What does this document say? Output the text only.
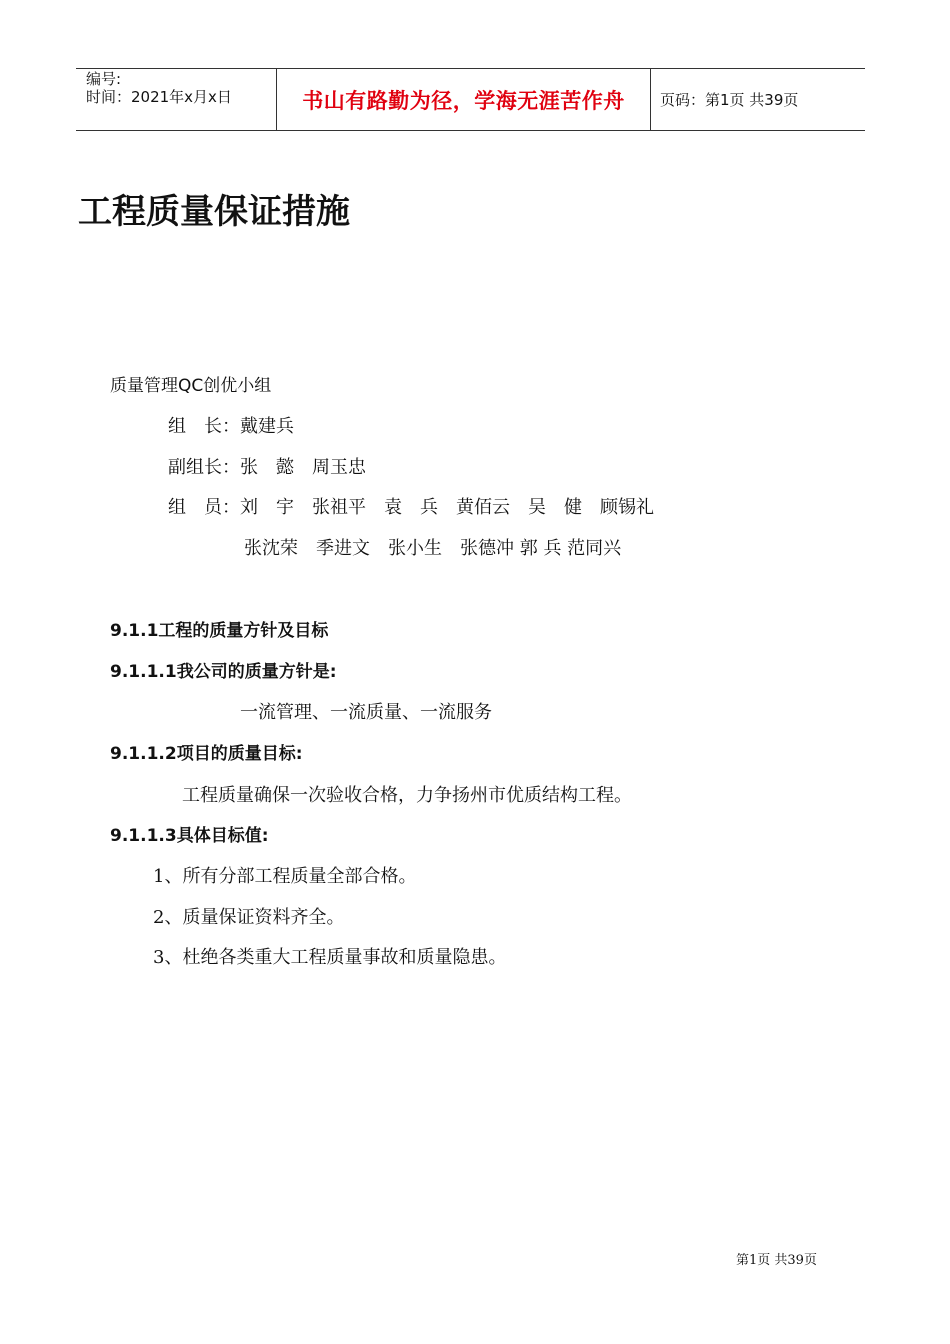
编号:
时间：2021年x月x日	书山有路勤为径，学海无涯苦作舟 页码：第1页 共39页
工程质量保证措施
质量管理QC创优小组
组　长：戴建兵
副组长：张　懿　周玉忠
组　员：刘　宇　张祖平　袁　兵　黄佰云　吴　健　顾锡礼
张沈荣　季进文　张小生　张德冲 郭 兵 范同兴
9.1.1工程的质量方针及目标
9.1.1.1我公司的质量方针是:
一流管理、一流质量、一流服务
9.1.1.2项目的质量目标:
工程质量确保一次验收合格，力争扬州市优质结构工程。
9.1.1.3具体目标值:
1、所有分部工程质量全部合格。
2、质量保证资料齐全。
3、杜绝各类重大工程质量事故和质量隐患。
第1页 共39页
